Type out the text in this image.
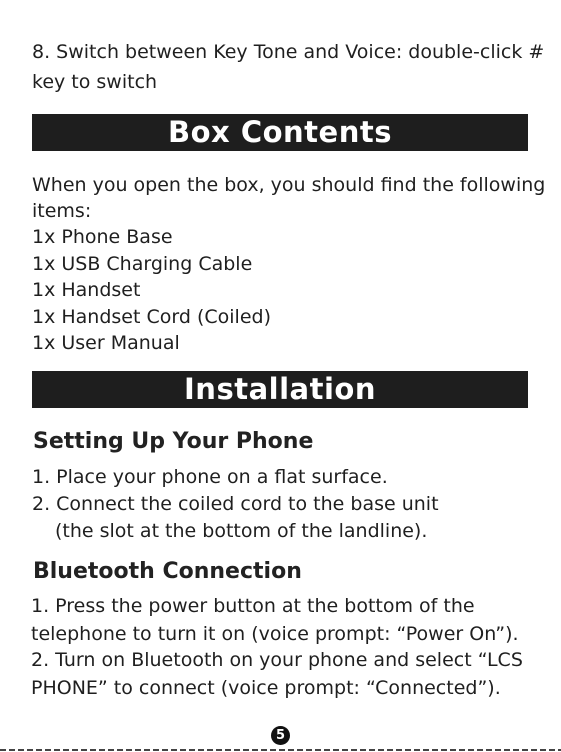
8. Switch between Key Tone and Voice: double-click #
key to switch
Box Contents
When you open the box, you should find the following
items:
1x Phone Base
1x USB Charging Cable
1x Handset
1x Handset Cord (Coiled)
1x User Manual
Installation
Setting Up Your Phone
1. Place your phone on a flat surface.
2. Connect the coiled cord to the base unit
(the slot at the bottom of the landline).
Bluetooth Connection
1. Press the power button at the bottom of the
telephone to turn it on (voice prompt: “Power On”).
2. Turn on Bluetooth on your phone and select “LCS
PHONE” to connect (voice prompt: “Connected”).
5
